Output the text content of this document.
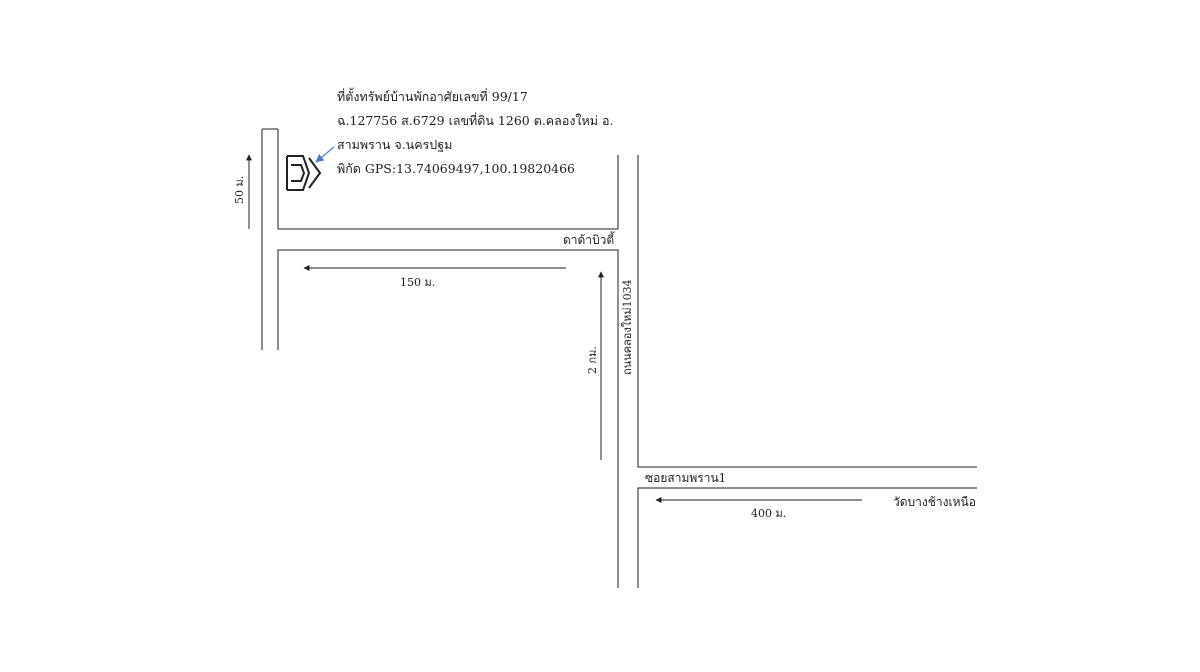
ที่ตั้งทรัพย์บ้านพักอาศัยเลขที่ 99/17
ฉ.127756 ส.6729 เลขที่ดิน 1260 ต.คลองใหม่ อ.
สามพราน จ.นครปฐม
พิกัด GPS:13.74069497,100.19820466
ดาด้าบิวตี้
ซอยสามพราน1
วัดบางช้างเหนือ
ถนนคลองใหม่1034
150 ม.
400 ม.
50 ม.
2 กม.
